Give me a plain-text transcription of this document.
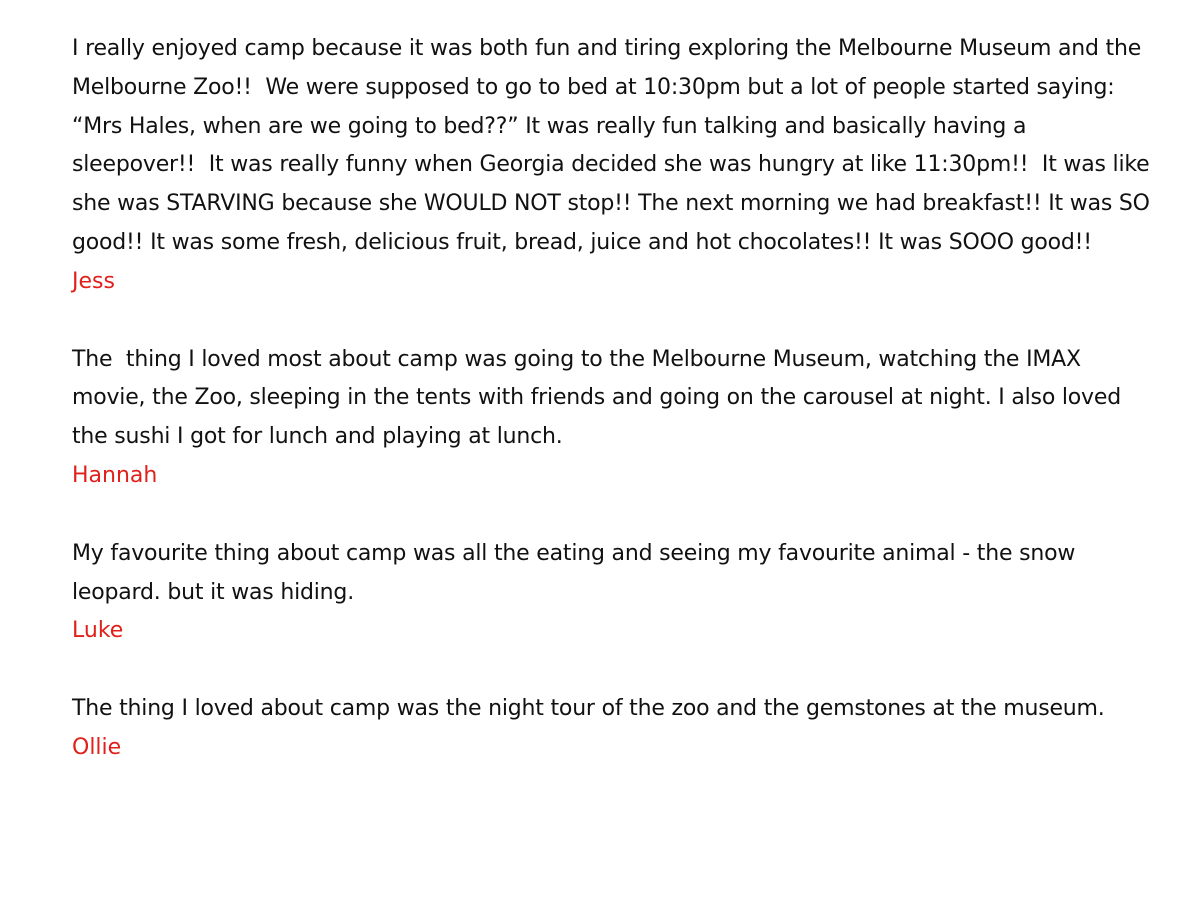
I really enjoyed camp because it was both fun and tiring exploring the Melbourne Museum and the Melbourne Zoo!!  We were supposed to go to bed at 10:30pm but a lot of people started saying: “Mrs Hales, when are we going to bed??” It was really fun talking and basically having a sleepover!!  It was really funny when Georgia decided she was hungry at like 11:30pm!!  It was like she was STARVING because she WOULD NOT stop!! The next morning we had breakfast!! It was SO good!! It was some fresh, delicious fruit, bread, juice and hot chocolates!! It was SOOO good!!

Jess

The  thing I loved most about camp was going to the Melbourne Museum, watching the IMAX movie, the Zoo, sleeping in the tents with friends and going on the carousel at night. I also loved the sushi I got for lunch and playing at lunch.

Hannah

My favourite thing about camp was all the eating and seeing my favourite animal - the snow leopard. but it was hiding.

Luke

The thing I loved about camp was the night tour of the zoo and the gemstones at the museum.

Ollie
